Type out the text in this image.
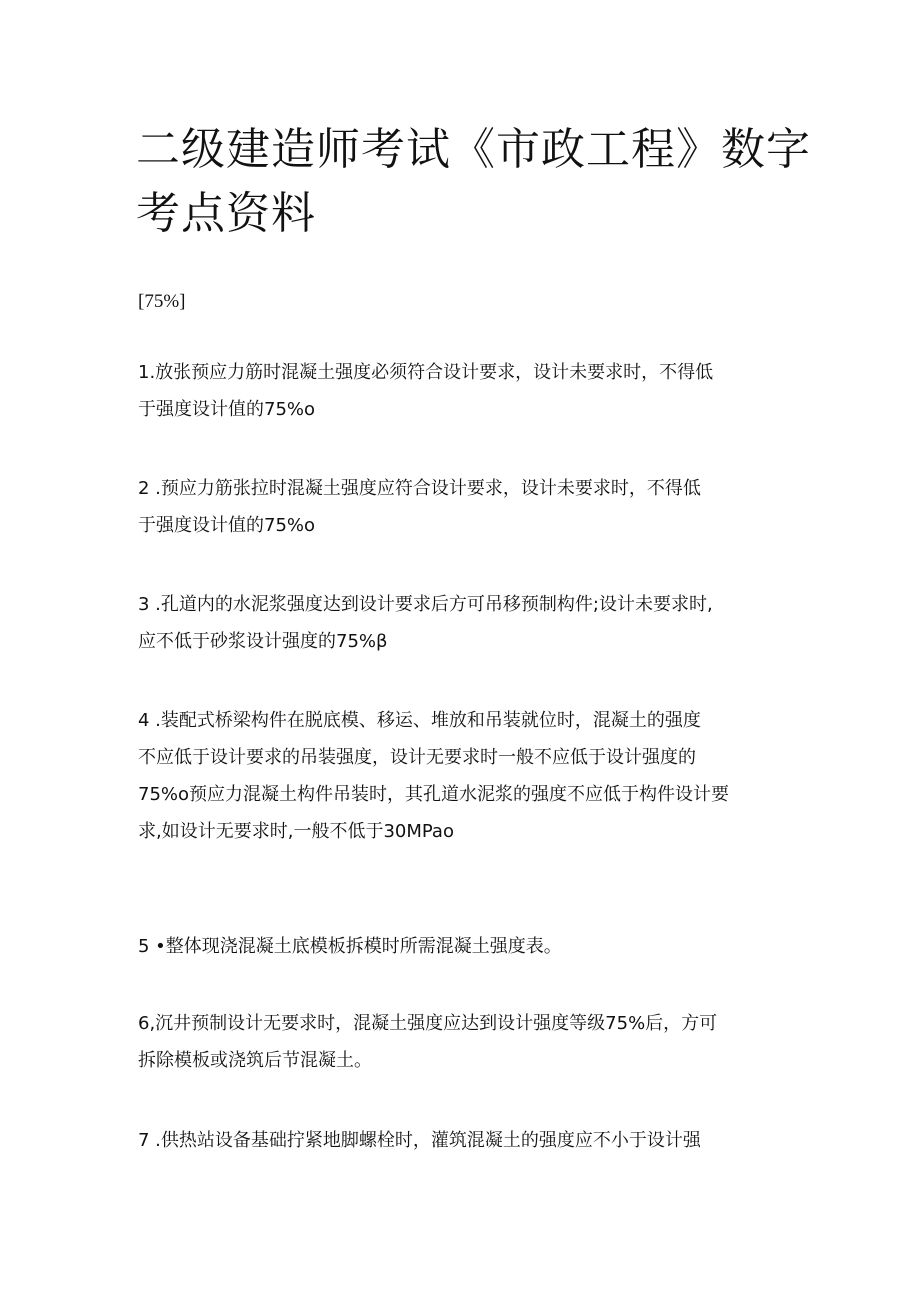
二级建造师考试《市政工程》数字
考点资料

[75%]

1.放张预应力筋时混凝土强度必须符合设计要求，设计未要求时，不得低
于强度设计值的75%o

2 .预应力筋张拉时混凝土强度应符合设计要求，设计未要求时，不得低
于强度设计值的75%o

3 .孔道内的水泥浆强度达到设计要求后方可吊移预制构件;设计未要求时,
应不低于砂浆设计强度的75%β

4 .装配式桥梁构件在脱底模、移运、堆放和吊装就位时，混凝土的强度
不应低于设计要求的吊装强度，设计无要求时一般不应低于设计强度的
75%o预应力混凝土构件吊装时，其孔道水泥浆的强度不应低于构件设计要
求,如设计无要求时,一般不低于30MPao

5 •整体现浇混凝土底模板拆模时所需混凝土强度表。

6,沉井预制设计无要求时，混凝土强度应达到设计强度等级75%后，方可
拆除模板或浇筑后节混凝土。

7 .供热站设备基础拧紧地脚螺栓时，灌筑混凝土的强度应不小于设计强
